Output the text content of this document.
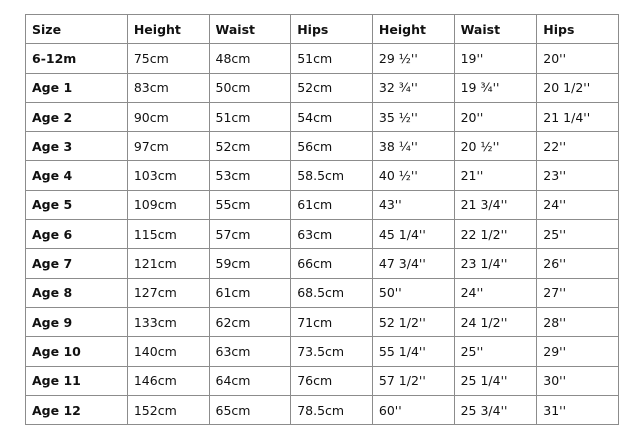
Size	Height	Waist	Hips	Height	Waist	Hips
6-12m	75cm	48cm	51cm	29 ½''	19''	20''
Age 1	83cm	50cm	52cm	32 ¾''	19 ¾''	20 1/2''
Age 2	90cm	51cm	54cm	35 ½''	20''	21 1/4''
Age 3	97cm	52cm	56cm	38 ¼''	20 ½''	22''
Age 4	103cm	53cm	58.5cm	40 ½''	21''	23''
Age 5	109cm	55cm	61cm	43''	21 3/4''	24''
Age 6	115cm	57cm	63cm	45 1/4''	22 1/2''	25''
Age 7	121cm	59cm	66cm	47 3/4''	23 1/4''	26''
Age 8	127cm	61cm	68.5cm	50''	24''	27''
Age 9	133cm	62cm	71cm	52 1/2''	24 1/2''	28''
Age 10	140cm	63cm	73.5cm	55 1/4''	25''	29''
Age 11	146cm	64cm	76cm	57 1/2''	25 1/4''	30''
Age 12	152cm	65cm	78.5cm	60''	25 3/4''	31''
